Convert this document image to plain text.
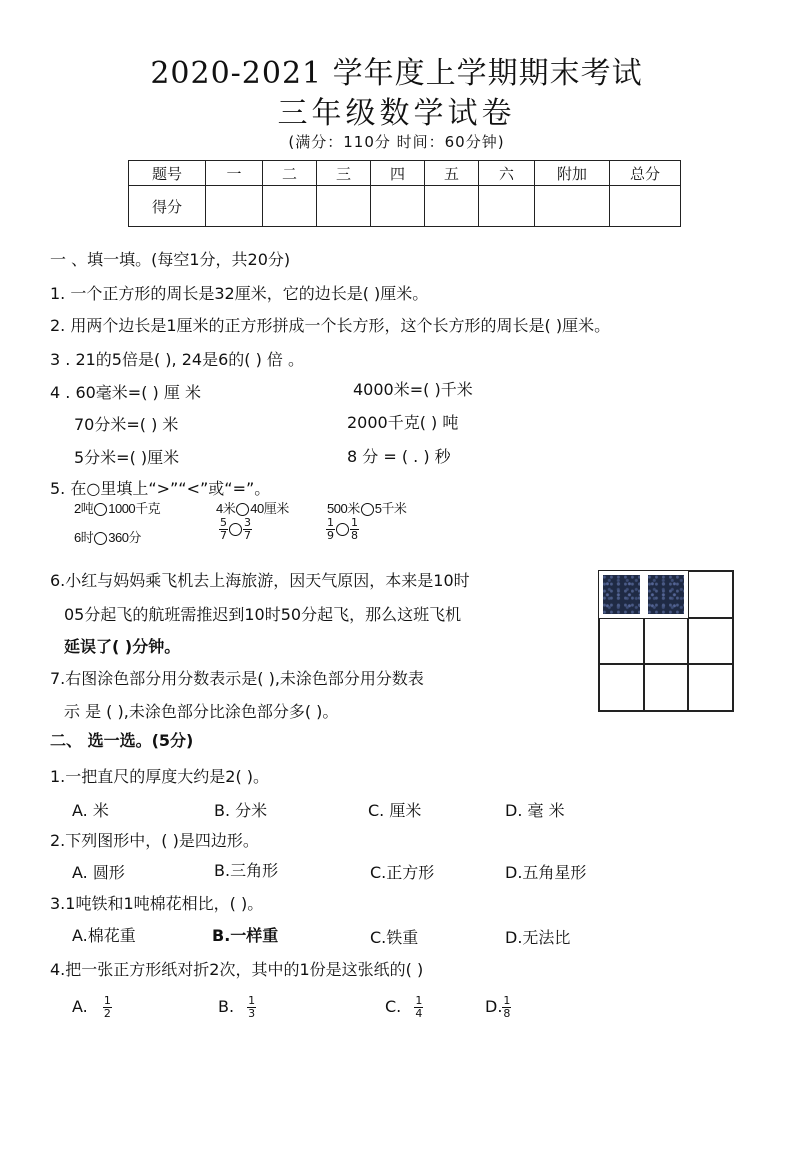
2020-2021 学年度上学期期末考试
三年级数学试卷
(满分：110分 时间：60分钟)
题号	一	二	三	四	五	六	附加	总分
得分								
一 、填一填。(每空1分，共20分)
1. 一个正方形的周长是32厘米，它的边长是( )厘米。
2. 用两个边长是1厘米的正方形拼成一个长方形，这个长方形的周长是( )厘米。
3 . 21的5倍是( ), 24是6的( ) 倍 。
4 . 60毫米=( ) 厘 米	4000米=( )千米
70分米=( ) 米	2000千克( ) 吨
5分米=( )厘米	8 分 = ( . ) 秒
5. 在○里填上“>”“<”或“=”。
2吨 1000千克	4米 40厘米	500米 5千米
6时 360分	$\frac{5}{7} \frac{3}{7}$	$\frac{1}{9} \frac{1}{8}$
6.小红与妈妈乘飞机去上海旅游，因天气原因，本来是10时
05分起飞的航班需推迟到10时50分起飞，那么这班飞机
延误了( )分钟。
7.右图涂色部分用分数表示是( ),未涂色部分用分数表
示 是 ( ),未涂色部分比涂色部分多( )。
二、 选一选。(5分)
1.一把直尺的厚度大约是2( )。
A. 米	B. 分米	C. 厘米	D. 毫 米
2.下列图形中，( )是四边形。
A. 圆形	B.三角形	C.正方形	D.五角星形
3.1吨铁和1吨棉花相比，( )。
A.棉花重	B.一样重	C.铁重	D.无法比
4.把一张正方形纸对折2次，其中的1份是这张纸的( )
A. $\frac{1}{2}$	B. $\frac{1}{3}$	C. $\frac{1}{4}$	D. $\frac{1}{8}$
